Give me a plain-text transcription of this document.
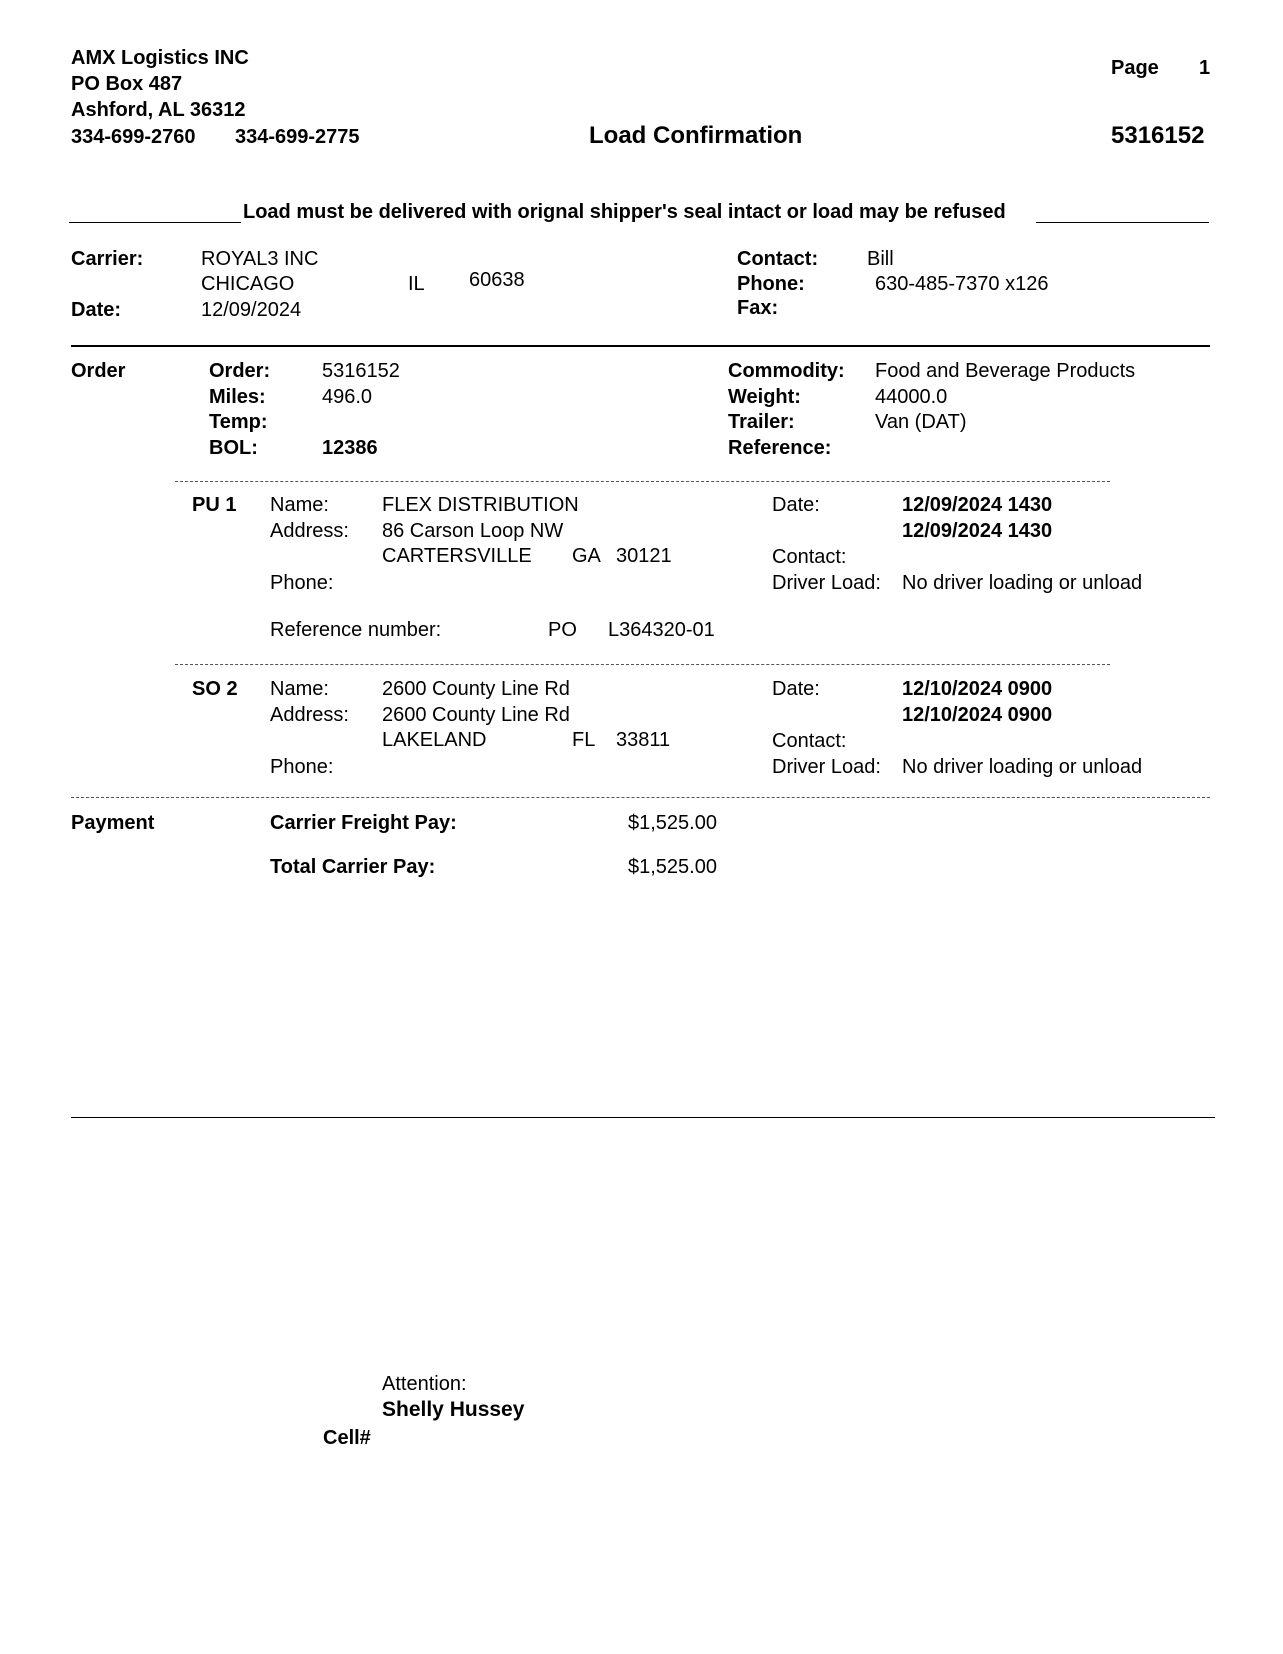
AMX Logistics INC
PO Box 487
Ashford, AL 36312
334-699-2760 334-699-2775
Page 1
Load Confirmation	5316152
Load must be delivered with orignal shipper's seal intact or load may be refused
Carrier:	ROYAL3 INC
CHICAGO	IL 60638
Date:	12/09/2024
Contact: Bill
Phone:	630-485-7370 x126
Fax:
Order	Order:	5316152
Miles:	496.0
Temp:
BOL:	12386
Commodity: Food and Beverage Products
Weight:	44000.0
Trailer:	Van (DAT)
Reference:
PU 1 Name:	FLEX DISTRIBUTION
Address: 86 Carson Loop NW
CARTERSVILLE GA 30121
Phone:
Date:	12/09/2024 1430
12/09/2024 1430
Contact:
Driver Load: No driver loading or unload
Reference number:	PO L364320-01
SO 2 Name:	2600 County Line Rd
Address: 2600 County Line Rd
LAKELAND	FL 33811
Phone:
Date:	12/10/2024 0900
12/10/2024 0900
Contact:
Driver Load: No driver loading or unload
Payment	Carrier Freight Pay:	$1,525.00
Total Carrier Pay:	$1,525.00
Attention:
Shelly Hussey
Cell#
